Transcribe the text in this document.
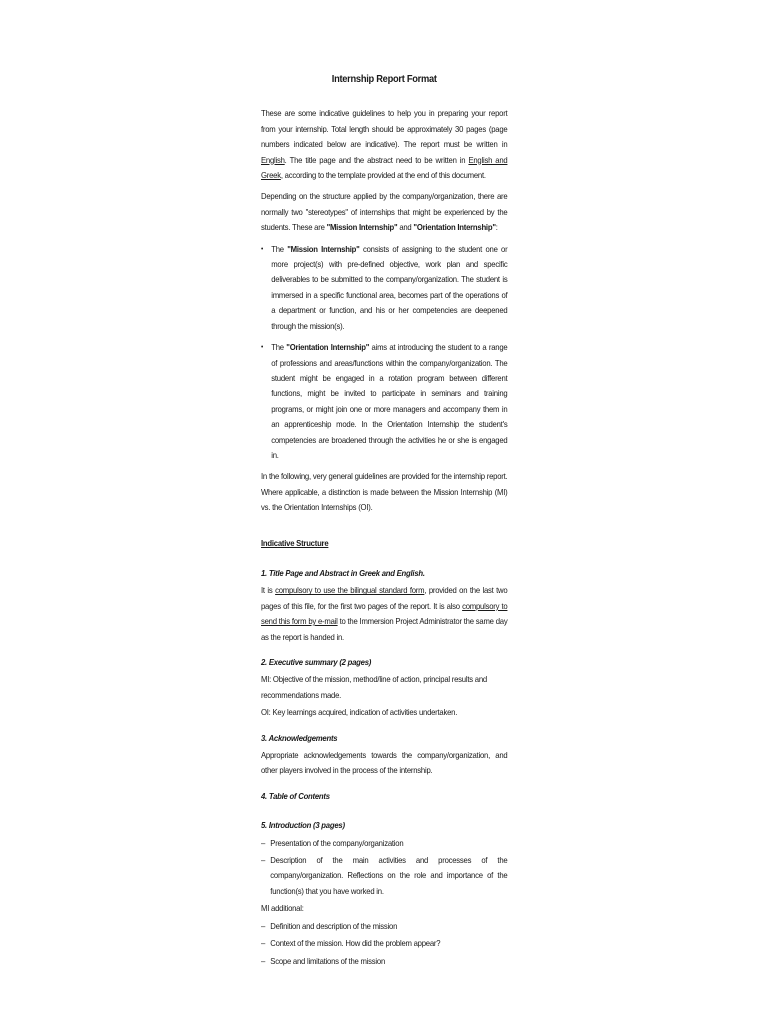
Internship Report Format

These are some indicative guidelines to help you in preparing your report from your internship. Total length should be approximately 30 pages (page numbers indicated below are indicative). The report must be written in English. The title page and the abstract need to be written in English and Greek, according to the template provided at the end of this document.

Depending on the structure applied by the company/organization, there are normally two "stereotypes" of internships that might be experienced by the students. These are "Mission Internship" and "Orientation Internship":

• The "Mission Internship" consists of assigning to the student one or more project(s) with pre-defined objective, work plan and specific deliverables to be submitted to the company/organization. The student is immersed in a specific functional area, becomes part of the operations of a department or function, and his or her competencies are deepened through the mission(s).
• The "Orientation Internship" aims at introducing the student to a range of professions and areas/functions within the company/organization. The student might be engaged in a rotation program between different functions, might be invited to participate in seminars and training programs, or might join one or more managers and accompany them in an apprenticeship mode. In the Orientation Internship the student's competencies are broadened through the activities he or she is engaged in.

In the following, very general guidelines are provided for the internship report. Where applicable, a distinction is made between the Mission Internship (MI) vs. the Orientation Internships (OI).

Indicative Structure
1. Title Page and Abstract in Greek and English.

It is compulsory to use the bilingual standard form, provided on the last two pages of this file, for the first two pages of the report. It is also compulsory to send this form by e-mail to the Immersion Project Administrator the same day as the report is handed in.

2. Executive summary (2 pages)
MI: Objective of the mission, method/line of action, principal results and recommendations made.
OI: Key learnings acquired, indication of activities undertaken.
3. Acknowledgements

Appropriate acknowledgements towards the company/organization, and other players involved in the process of the internship.

4. Table of Contents
5. Introduction (3 pages)
– Presentation of the company/organization
– Description of the main activities and processes of the company/organization. Reflections on the role and importance of the function(s) that you have worked in.
MI additional:
– Definition and description of the mission
– Context of the mission. How did the problem appear?
– Scope and limitations of the mission
